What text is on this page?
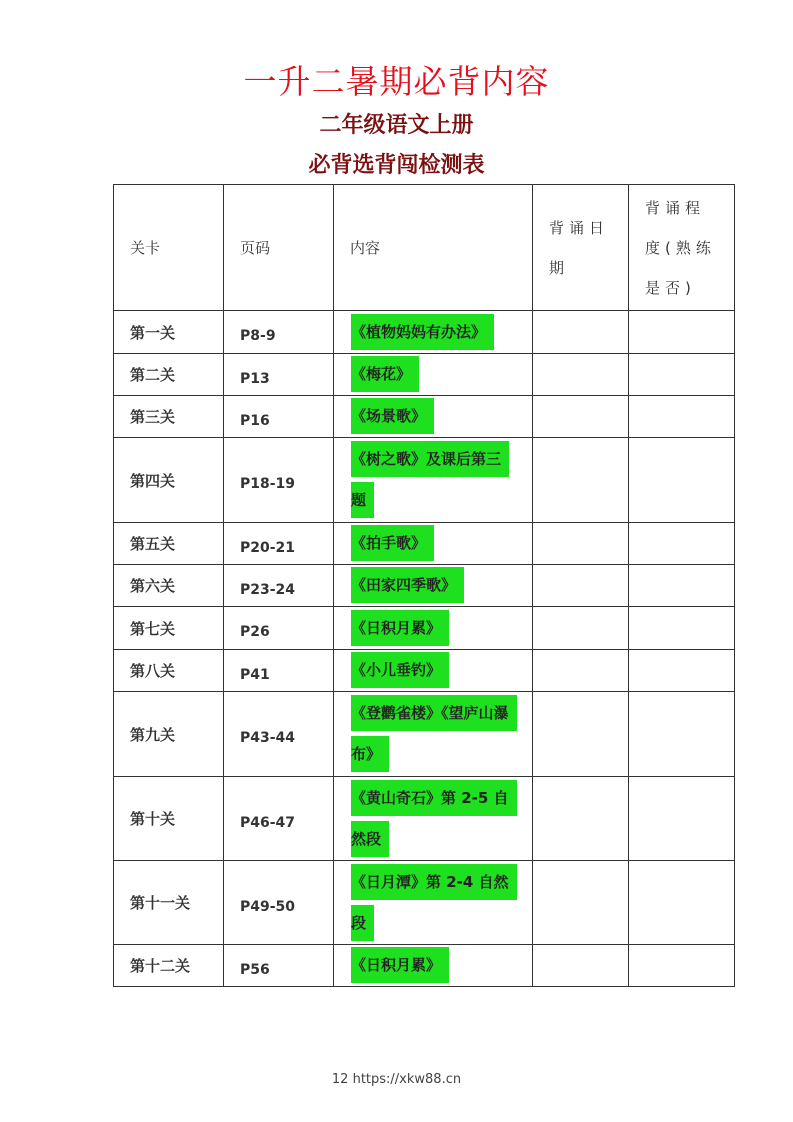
一升二暑期必背内容
二年级语文上册
必背选背闯检测表
关卡	页码	内容	背诵日期	背诵程度(熟练是否)

第一关	P8-9	《植物妈妈有办法》		

第二关	P13	《梅花》		

第三关	P16	《场景歌》		

第四关	P18-19	《树之歌》及课后第三题		

第五关	P20-21	《拍手歌》		

第六关	P23-24	《田家四季歌》		

第七关	P26	《日积月累》		

第八关	P41	《小儿垂钓》		

第九关	P43-44	《登鹳雀楼》《望庐山瀑布》		

第十关	P46-47	《黄山奇石》第 2-5 自然段		

第十一关	P49-50	《日月潭》第 2-4 自然段		

第十二关	P56	《日积月累》		

12 https://xkw88.cn
